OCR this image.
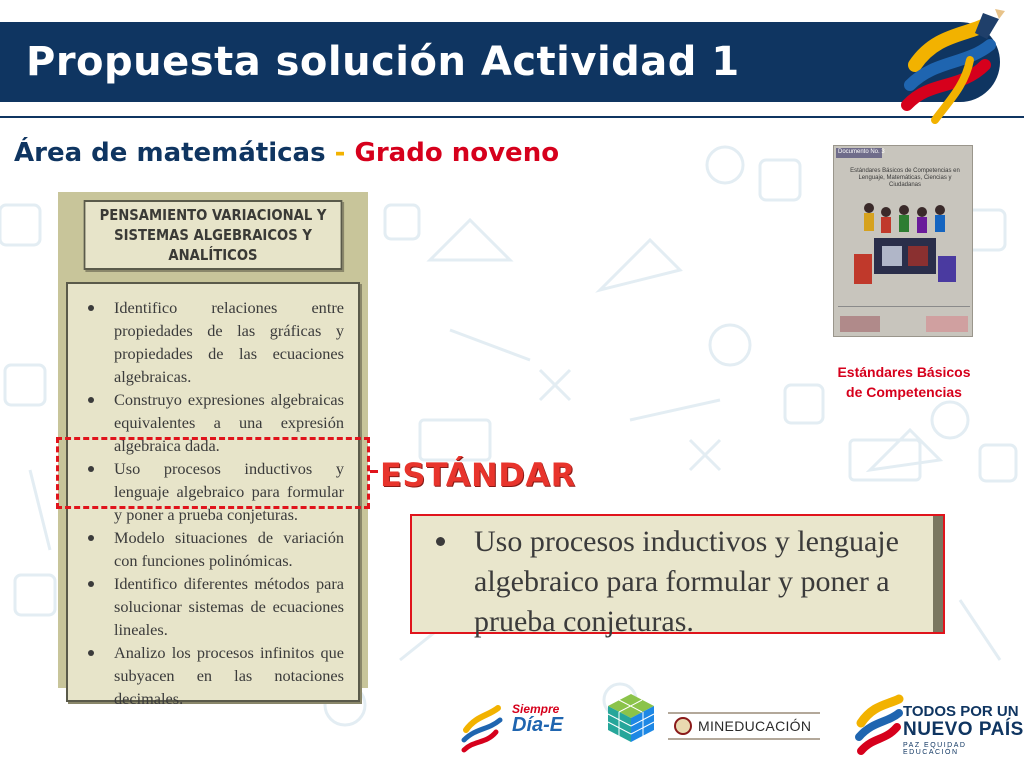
Propuesta solución Actividad 1
Área de matemáticas - Grado noveno
PENSAMIENTO VARIACIONAL Y
SISTEMAS ALGEBRAICOS Y ANALÍTICOS
Identifico relaciones entre propiedades de las gráficas y propiedades de las ecuaciones algebraicas.
Construyo expresiones algebraicas equivalentes a una expresión algebraica dada.
Uso procesos inductivos y lenguaje algebraico para formular y poner a prueba conjeturas.
Modelo situaciones de variación con funciones polinómicas.
Identifico diferentes métodos para solucionar sistemas de ecuaciones lineales.
Analizo los procesos infinitos que subyacen en las notaciones decimales.
ESTÁNDAR

Uso procesos inductivos y lenguaje algebraico para formular y poner a prueba conjeturas.

Documento No. 3
Estándares Básicos de Competencias en Lenguaje, Matemáticas, Ciencias y Ciudadanas
Estándares Básicos
de Competencias
Siempre
Día-E	MINEDUCACIÓN
TODOS POR UN
NUEVO PAÍS
PAZ EQUIDAD EDUCACIÓN
